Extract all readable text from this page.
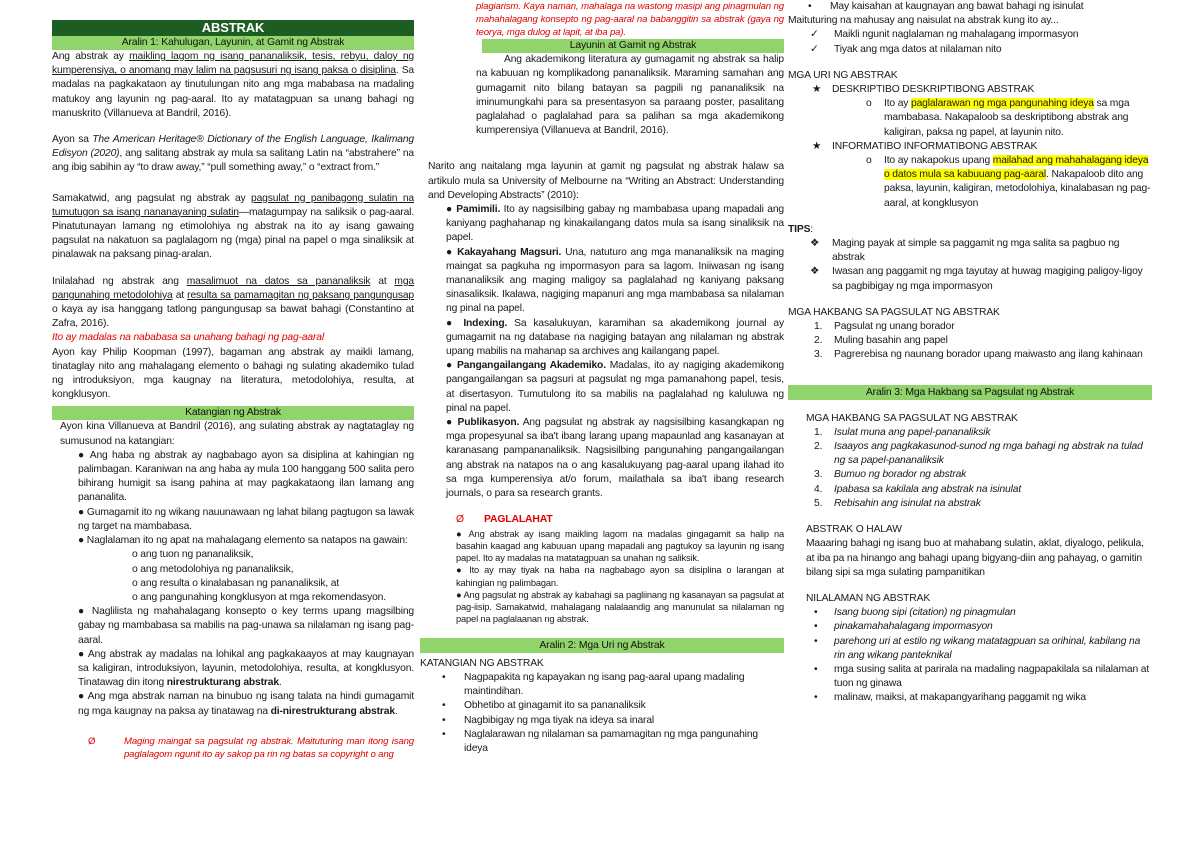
ABSTRAK
Aralin 1: Kahulugan, Layunin, at Gamit ng Abstrak

Ang abstrak ay maikling lagom ng isang pananaliksik, tesis, rebyu, daloy ng kumperensiya, o anomang may lalim na pagsusuri ng isang paksa o disiplina. Sa madalas na pagkakataon ay tinutulungan nito ang mga mababasa na madaling matukoy ang layunin ng pag-aaral. Ito ay matatagpuan sa unang bahagi ng manuskrito (Villanueva at Bandril, 2016).

Ayon sa The American Heritage® Dictionary of the English Language, Ikalimang Edisyon (2020), ang salitang abstrak ay mula sa salitang Latin na “abstrahere” na ang ibig sabihin ay “to draw away,” “pull something away,” o “extract from.”

Samakatwid, ang pagsulat ng abstrak ay pagsulat ng panibagong sulatin na tumutugon sa isang nananayaning sulatin—matagumpay na saliksik o pag-aaral. Pinatutunayan lamang ng etimolohiya ng abstrak na ito ay isang gawaing pagsulat na nakatuon sa paglalagom ng (mga) pinal na papel o mga sinaliksik at pinalawak na paksang pinag-aralan.

Inilalahad ng abstrak ang masalimuot na datos sa pananaliksik at mga pangunahing metodolohiya at resulta sa pamamagitan ng paksang pangungusap o kaya ay isa hanggang tatlong pangungusap sa bawat bahagi (Constantino at Zafra, 2016).

Ito ay madalas na nababasa sa unahang bahagi ng pag-aaral

Ayon kay Philip Koopman (1997), bagaman ang abstrak ay maikli lamang, tinataglay nito ang mahalagang elemento o bahagi ng sulating akademiko tulad ng introduksiyon, mga kaugnay na literatura, metodolohiya, resulta, at kongklusyon.

Katangian ng Abstrak

Ayon kina Villanueva at Bandril (2016), ang sulating abstrak ay nagtataglay ng sumusunod na katangian:

● Ang haba ng abstrak ay nagbabago ayon sa disiplina at kahingian ng palimbagan. Karaniwan na ang haba ay mula 100 hanggang 500 salita pero bihirang humigit sa isang pahina at may pagkakataong ilan lamang ang pananalita.

● Gumagamit ito ng wikang nauunawaan ng lahat bilang pagtugon sa lawak ng target na mambabasa.

● Naglalaman ito ng apat na mahalagang elemento sa natapos na gawain:

o ang tuon ng pananaliksik,

o ang metodolohiya ng pananaliksik,

o ang resulta o kinalabasan ng pananaliksik, at

o ang pangunahing kongklusyon at mga rekomendasyon.

● Naglilista ng mahahalagang konsepto o key terms upang magsilbing gabay ng mambabasa sa mabilis na pag-unawa sa nilalaman ng isang pag-aaral.

● Ang abstrak ay madalas na lohikal ang pagkakaayos at may kaugnayan sa kaligiran, introduksiyon, layunin, metodolohiya, resulta, at kongklusyon. Tinatawag din itong nirestrukturang abstrak.

● Ang mga abstrak naman na binubuo ng isang talata na hindi gumagamit ng mga kaugnay na paksa ay tinatawag na di-nirestrukturang abstrak.

Ø	Maging maingat sa pagsulat ng abstrak. Maituturing man itong isang paglalagom ngunit ito ay sakop pa rin ng batas sa copyright o ang

plagiarism. Kaya naman, mahalaga na wastong masipi ang pinagmulan ng mahahalagang konsepto ng pag-aaral na babanggitin sa abstrak (gaya ng teorya, mga dulog at lapit, at iba pa).

Layunin at Gamit ng Abstrak

Ang akademikong literatura ay gumagamit ng abstrak sa halip na kabuuan ng komplikadong pananaliksik. Maraming samahan ang gumagamit nito bilang batayan sa pagpili ng pananaliksik na iminumungkahi para sa presentasyon sa paraang poster, pasalitang paglalahad o paglalahad para sa palihan sa mga akademikong kumperensiya (Villanueva at Bandril, 2016).

Narito ang naitalang mga layunin at gamit ng pagsulat ng abstrak halaw sa artikulo mula sa University of Melbourne na “Writing an Abstract: Understanding and Developing Abstracts” (2010):

● Pamimili. Ito ay nagsisilbing gabay ng mambabasa upang mapadali ang kaniyang paghahanap ng kinakailangang datos mula sa isang sinaliksik na papel.

● Kakayahang Magsuri. Una, natuturo ang mga mananaliksik na maging maingat sa pagkuha ng impormasyon para sa lagom. Iniiwasan ng isang mananaliksik ang maging maligoy sa paglalahad ng kaniyang paksang sinasaliksik. Ikalawa, nagiging mapanuri ang mga mambabasa sa nilalaman ng pinal na papel.

● Indexing. Sa kasalukuyan, karamihan sa akademikong journal ay gumagamit na ng database na nagiging batayan ang nilalaman ng abstrak upang mabilis na mahanap sa archives ang kailangang papel.

● Pangangailangang Akademiko. Madalas, ito ay nagiging akademikong pangangailangan sa pagsuri at pagsulat ng mga pamanahong papel, tesis, at disertasyon. Tumutulong ito sa mabilis na paglalahad ng kaluluwa ng pinal na papel.

● Publikasyon. Ang pagsulat ng abstrak ay nagsisilbing kasangkapan ng mga propesyunal sa iba't ibang larang upang mapaunlad ang kasanayan at karanasang pampananaliksik. Nagsisilbing pangunahing pangangailangan ang abstrak na natapos na o ang kasalukuyang pag-aaral upang ilahad ito sa mga kumperensiya at/o forum, mailathala sa iba't ibang research journals, o para sa research grants.

Ø	PAGLALAHAT

● Ang abstrak ay isang maikling lagom na madalas gingagamit sa halip na basahin kaagad ang kabuuan upang mapadali ang pagtukoy sa layunin ng isang papel. Ito ay madalas na matatagpuan sa unahan ng saliksik.

● Ito ay may tiyak na haba na nagbabago ayon sa disiplina o larangan at kahingian ng palimbagan.

● Ang pagsulat ng abstrak ay kabahagi sa pagliinang ng kasanayan sa pagsulat at pag-iisip. Samakatwid, mahalagang nalalaandig ang manunulat sa nilalaman ng papel na paglalaanan ng abstrak.

Aralin 2: Mga Uri ng Abstrak

KATANGIAN NG ABSTRAK

•	Nagpapakita ng kapayakan ng isang pag-aaral upang madaling maintindihan.
•	Obhetibo at ginagamit ito sa pananaliksik
•	Nagbibigay ng mga tiyak na ideya sa inaral
•	Naglalarawan ng nilalaman sa pamamagitan ng mga pangunahing ideya
•	May kaisahan at kaugnayan ang bawat bahagi ng isinulat

Maituturing na mahusay ang naisulat na abstrak kung ito ay...

✓	Maikli ngunit naglalaman ng mahalagang impormasyon
✓	Tiyak ang mga datos at nilalaman nito

MGA URI NG ABSTRAK

★	DESKRIPTIBO DESKRIPTIBONG ABSTRAK
o	Ito ay paglalarawan ng mga pangunahing ideya sa mga mambabasa. Nakapaloob sa deskriptibong abstrak ang kaligiran, paksa ng papel, at layunin nito.
★	INFORMATIBO INFORMATIBONG ABSTRAK
o	Ito ay nakapokus upang mailahad ang mahahalagang ideya o datos mula sa kabuuang pag-aaral. Nakapaloob dito ang paksa, layunin, kaligiran, metodolohiya, kinalabasan ng pag-aaral, at kongklusyon

TIPS:

❖	Maging payak at simple sa paggamit ng mga salita sa pagbuo ng abstrak
❖	Iwasan ang paggamit ng mga tayutay at huwag magiging paligoy-ligoy sa pagbibigay ng mga impormasyon

MGA HAKBANG SA PAGSULAT NG ABSTRAK

1.	Pagsulat ng unang borador
2.	Muling basahin ang papel
3.	Pagrerebisa ng naunang borador upang maiwasto ang ilang kahinaan
Aralin 3: Mga Hakbang sa Pagsulat ng Abstrak

MGA HAKBANG SA PAGSULAT NG ABSTRAK

1.	Isulat muna ang papel-pananaliksik
2.	Isaayos ang pagkakasunod-sunod ng mga bahagi ng abstrak na tulad ng sa papel-pananaliksik
3.	Bumuo ng borador ng abstrak
4.	Ipabasa sa kakilala ang abstrak na isinulat
5.	Rebisahin ang isinulat na abstrak

ABSTRAK O HALAW

Maaaring bahagi ng isang buo at mahabang sulatin, aklat, diyalogo, pelikula, at iba pa na hinango ang bahagi upang bigyang-diin ang pahayag, o gamitin bilang sipi sa mga sulating pampanitikan

NILALAMAN NG ABSTRAK

•	Isang buong sipi (citation) ng pinagmulan
•	pinakamahahalagang impormasyon
•	parehong uri at estilo ng wikang matatagpuan sa orihinal, kabilang na rin ang wikang panteknikal
•	mga susing salita at parirala na madaling nagpapakilala sa nilalaman at tuon ng ginawa
•	malinaw, maiksi, at makapangyarihang paggamit ng wika
